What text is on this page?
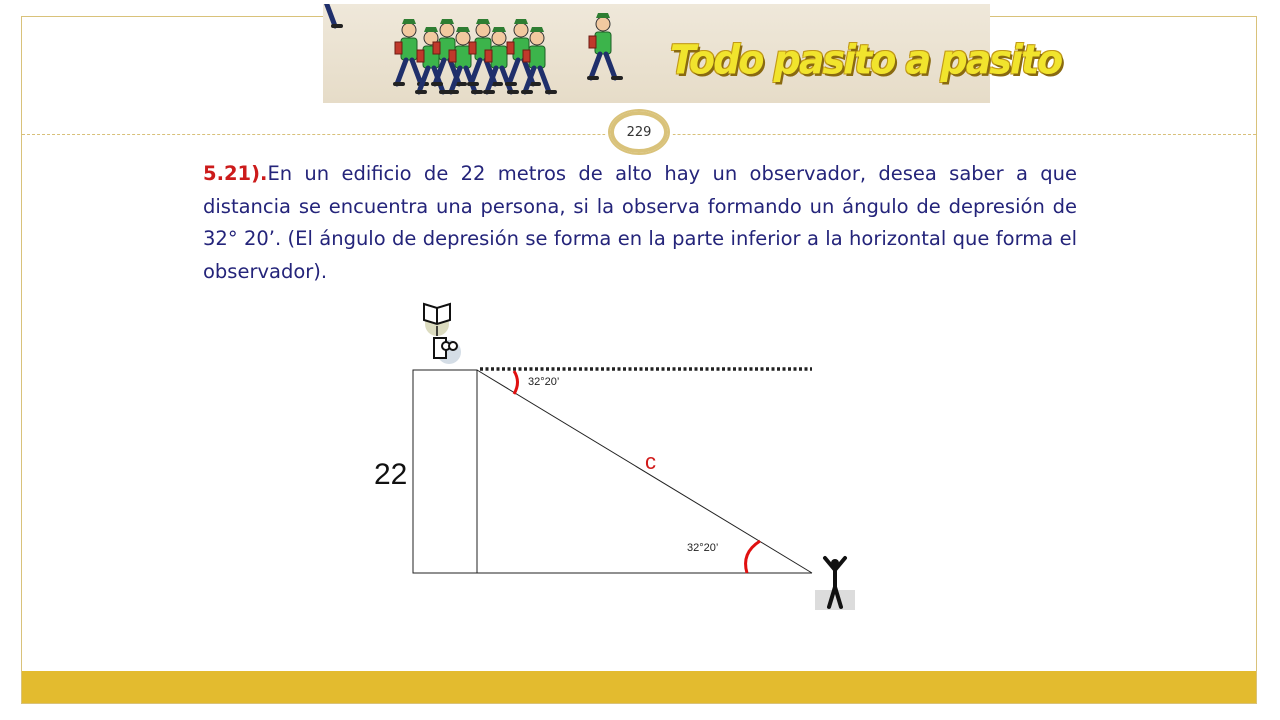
Todo pasito a pasito
229
5.21).En un edificio de 22 metros de alto hay un observador, desea saber a que distancia se encuentra una persona, si la observa formando un ángulo de depresión de 32° 20’. (El ángulo de depresión se forma en la parte inferior a la horizontal que forma el observador).
22	c
32°20’
32°20’
